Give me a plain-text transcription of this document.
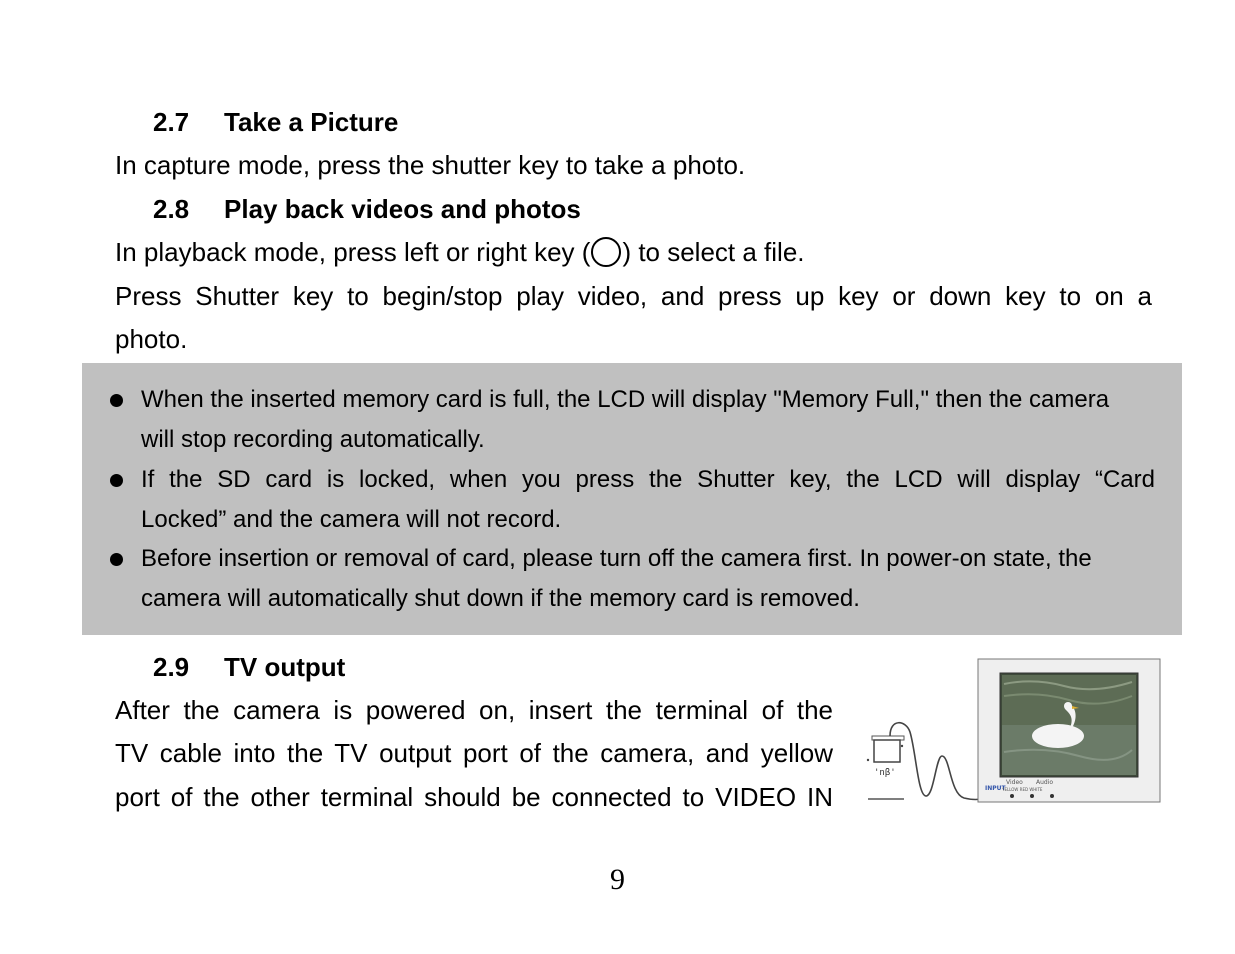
2.7 Take a Picture
In capture mode, press the shutter key to take a photo.
2.8 Play back videos and photos
In playback mode, press left or right key ( ) to select a file.
Press Shutter key to begin/stop play video, and press up key or down key to on a
photo.
When the inserted memory card is full, the LCD will display "Memory Full," then the camera
will stop recording automatically.
If the SD card is locked, when you press the Shutter key, the LCD will display “Card
Locked” and the camera will not record.
Before insertion or removal of card, please turn off the camera first. In power-on state, the
camera will automatically shut down if the memory card is removed.
2.9 TV output
After the camera is powered on, insert the terminal of the
TV cable into the TV output port of the camera, and yellow
port of the other terminal should be connected to VIDEO IN
'nβ'
INPUT
Video Audio
YELLOW RED WHITE
9
